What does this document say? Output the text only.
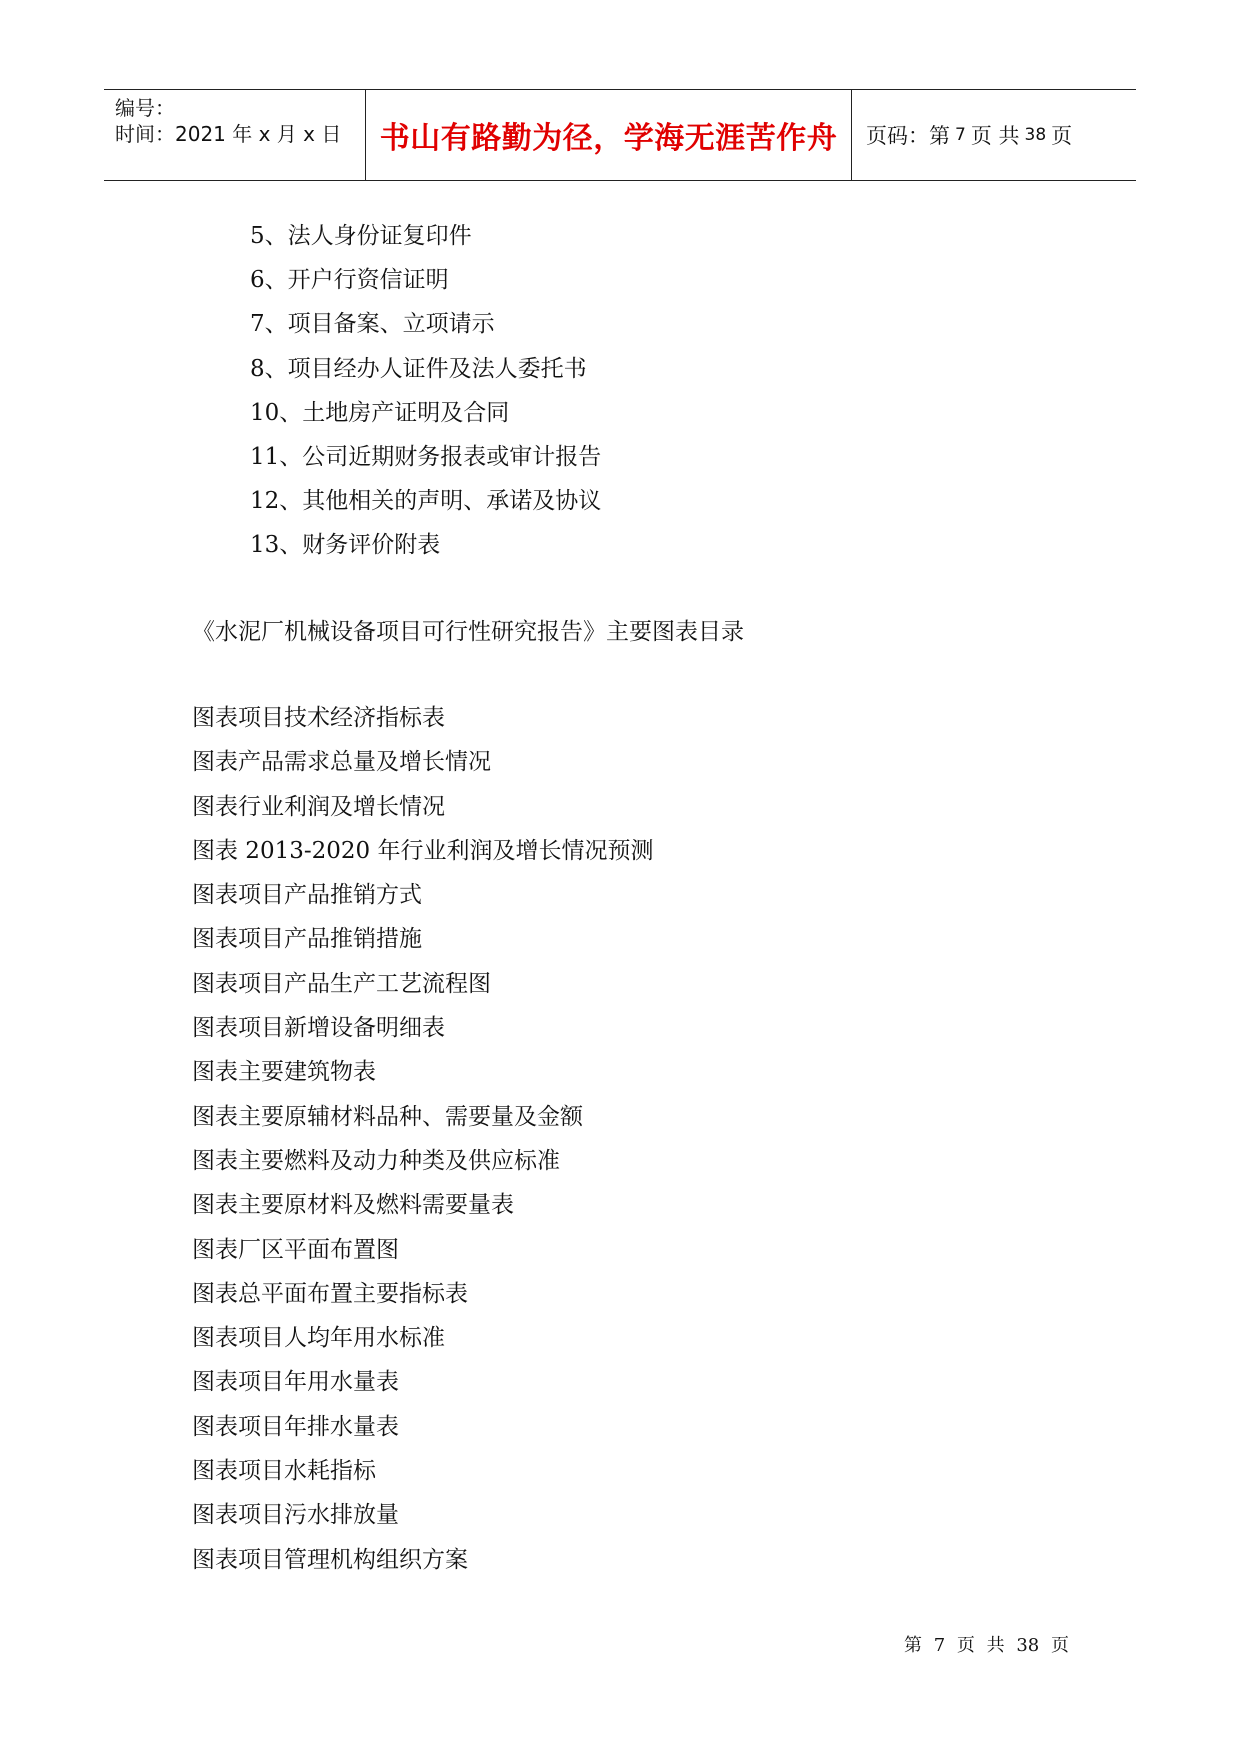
编号：
时间：2021 年 x 月 x 日	书山有路勤为径，学海无涯苦作舟	页码：第 7 页 共 38 页
5、法人身份证复印件
6、开户行资信证明
7、项目备案、立项请示
8、项目经办人证件及法人委托书
10、土地房产证明及合同
11、公司近期财务报表或审计报告
12、其他相关的声明、承诺及协议
13、财务评价附表
《水泥厂机械设备项目可行性研究报告》主要图表目录
图表项目技术经济指标表
图表产品需求总量及增长情况
图表行业利润及增长情况
图表 2013-2020 年行业利润及增长情况预测
图表项目产品推销方式
图表项目产品推销措施
图表项目产品生产工艺流程图
图表项目新增设备明细表
图表主要建筑物表
图表主要原辅材料品种、需要量及金额
图表主要燃料及动力种类及供应标准
图表主要原材料及燃料需要量表
图表厂区平面布置图
图表总平面布置主要指标表
图表项目人均年用水标准
图表项目年用水量表
图表项目年排水量表
图表项目水耗指标
图表项目污水排放量
图表项目管理机构组织方案
第 7 页 共 38 页
